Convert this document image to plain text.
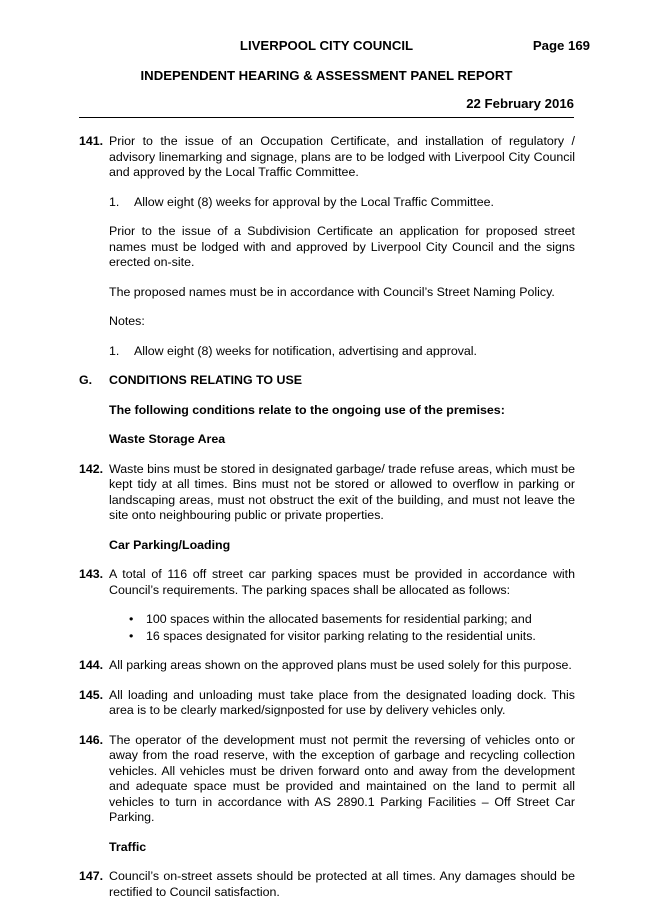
LIVERPOOL CITY COUNCIL	Page 169
INDEPENDENT HEARING & ASSESSMENT PANEL REPORT
22 February 2016
141. Prior to the issue of an Occupation Certificate, and installation of regulatory / advisory linemarking and signage, plans are to be lodged with Liverpool City Council and approved by the Local Traffic Committee.
1. Allow eight (8) weeks for approval by the Local Traffic Committee.
Prior to the issue of a Subdivision Certificate an application for proposed street names must be lodged with and approved by Liverpool City Council and the signs erected on-site.
The proposed names must be in accordance with Council’s Street Naming Policy.
Notes:
1. Allow eight (8) weeks for notification, advertising and approval.
G. CONDITIONS RELATING TO USE
The following conditions relate to the ongoing use of the premises:
Waste Storage Area
142. Waste bins must be stored in designated garbage/ trade refuse areas, which must be kept tidy at all times. Bins must not be stored or allowed to overflow in parking or landscaping areas, must not obstruct the exit of the building, and must not leave the site onto neighbouring public or private properties.
Car Parking/Loading
143. A total of 116 off street car parking spaces must be provided in accordance with Council’s requirements. The parking spaces shall be allocated as follows:
• 100 spaces within the allocated basements for residential parking; and
• 16 spaces designated for visitor parking relating to the residential units.
144. All parking areas shown on the approved plans must be used solely for this purpose.
145. All loading and unloading must take place from the designated loading dock. This area is to be clearly marked/signposted for use by delivery vehicles only.
146. The operator of the development must not permit the reversing of vehicles onto or away from the road reserve, with the exception of garbage and recycling collection vehicles. All vehicles must be driven forward onto and away from the development and adequate space must be provided and maintained on the land to permit all vehicles to turn in accordance with AS 2890.1 Parking Facilities – Off Street Car Parking.
Traffic
147. Council’s on-street assets should be protected at all times. Any damages should be rectified to Council satisfaction.
